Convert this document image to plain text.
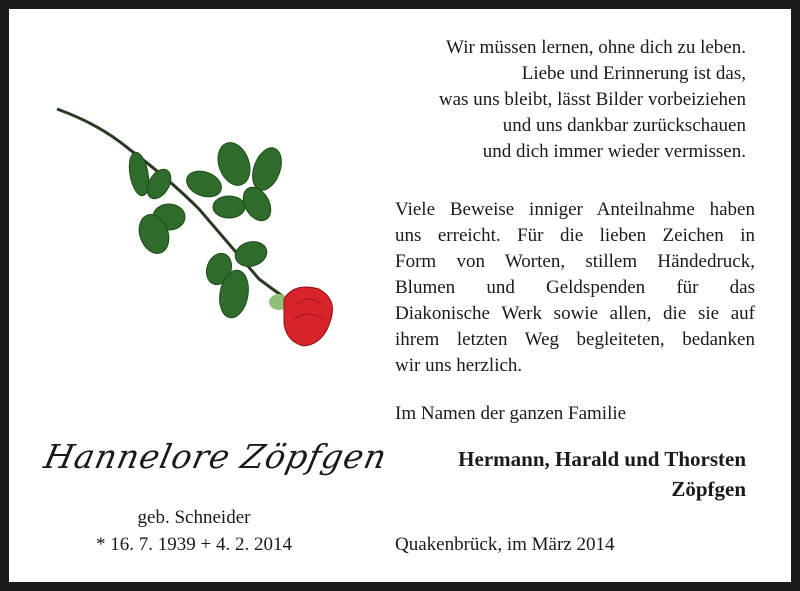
Wir müssen lernen, ohne dich zu leben.
Liebe und Erinnerung ist das,
was uns bleibt, lässt Bilder vorbeiziehen
und uns dankbar zurückschauen
und dich immer wieder vermissen.
Viele Beweise inniger Anteilnahme haben
uns erreicht. Für die lieben Zeichen in
Form von Worten, stillem Händedruck,
Blumen und Geldspenden für das
Diakonische Werk sowie allen, die sie auf
ihrem letzten Weg begleiteten, bedanken
wir uns herzlich.
Im Namen der ganzen Familie
Hermann, Harald und Thorsten
Zöpfgen
Quakenbrück, im März 2014
Hannelore Zöpfgen
geb. Schneider
* 16. 7. 1939 + 4. 2. 2014
